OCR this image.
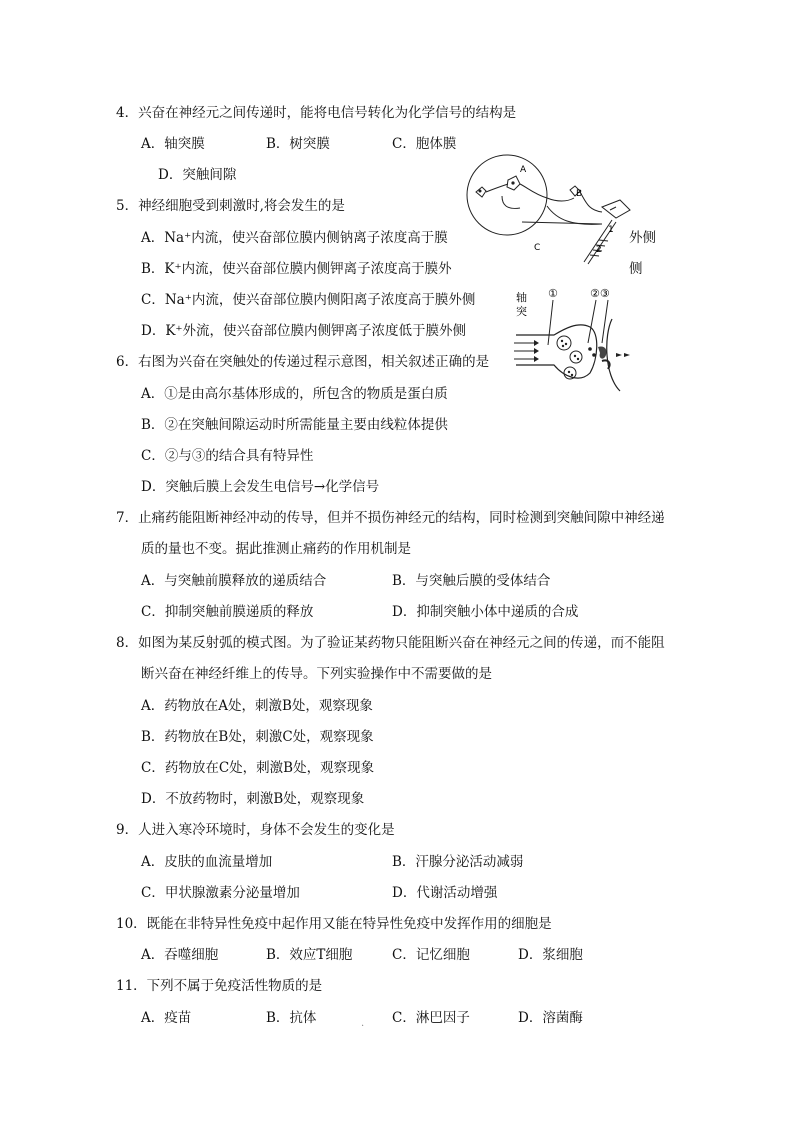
4．兴奋在神经元之间传递时，能将电信号转化为化学信号的结构是
A．轴突膜	B．树突膜	C．胞体膜
D．突触间隙
5．神经细胞受到刺激时,将会发生的是
A．Na⁺内流，使兴奋部位膜内侧钠离子浓度高于膜	外侧
B．K⁺内流，使兴奋部位膜内侧钾离子浓度高于膜外	侧
C．Na⁺内流，使兴奋部位膜内侧阳离子浓度高于膜外侧
D．K⁺外流，使兴奋部位膜内侧钾离子浓度低于膜外侧
6．右图为兴奋在突触处的传递过程示意图，相关叙述正确的是
A．①是由高尔基体形成的，所包含的物质是蛋白质
B．②在突触间隙运动时所需能量主要由线粒体提供
C．②与③的结合具有特异性
D．突触后膜上会发生电信号→化学信号
7．止痛药能阻断神经冲动的传导，但并不损伤神经元的结构，同时检测到突触间隙中神经递
质的量也不变。据此推测止痛药的作用机制是
A．与突触前膜释放的递质结合	B．与突触后膜的受体结合
C．抑制突触前膜递质的释放	D．抑制突触小体中递质的合成
8．如图为某反射弧的模式图。为了验证某药物只能阻断兴奋在神经元之间的传递，而不能阻
断兴奋在神经纤维上的传导。下列实验操作中不需要做的是
A．药物放在A处，刺激B处，观察现象
B．药物放在B处，刺激C处，观察现象
C．药物放在C处，刺激B处，观察现象
D．不放药物时，刺激B处，观察现象
9．人进入寒冷环境时，身体不会发生的变化是
A．皮肤的血流量增加	B．汗腺分泌活动减弱
C．甲状腺激素分泌量增加	D．代谢活动增强
10．既能在非特异性免疫中起作用又能在特异性免疫中发挥作用的细胞是
A．吞噬细胞	B．效应T细胞	C．记忆细胞	D．浆细胞
11．下列不属于免疫活性物质的是
A．疫苗	B．抗体	. C．淋巴因子	D．溶菌酶
A
B
C
1
2
轴
突
①	②③
